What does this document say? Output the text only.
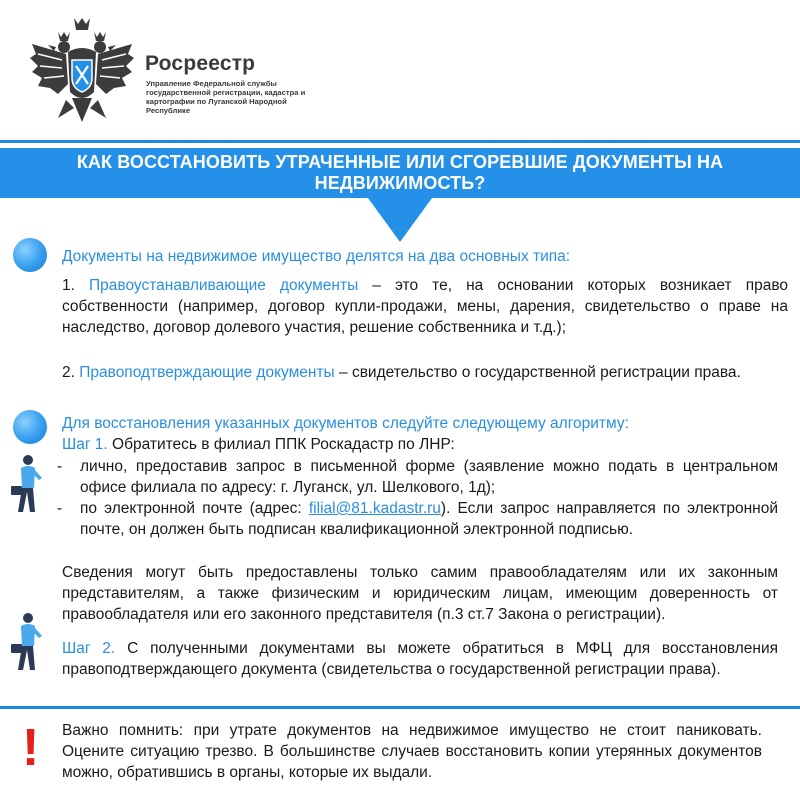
Росреестр
Управление Федеральной службы государственной регистрации, кадастра и картографии по Луганской Народной Республике
КАК ВОССТАНОВИТЬ УТРАЧЕННЫЕ ИЛИ СГОРЕВШИЕ ДОКУМЕНТЫ НА НЕДВИЖИМОСТЬ?
Документы на недвижимое имущество делятся на два основных типа:
1. Правоустанавливающие документы – это те, на основании которых возникает право собственности (например, договор купли-продажи, мены, дарения, свидетельство о праве на наследство, договор долевого участия, решение собственника и т.д.);
2. Правоподтверждающие документы – свидетельство о государственной регистрации права.
Для восстановления указанных документов следуйте следующему алгоритму:
Шаг 1. Обратитесь в филиал ППК Роскадастр по ЛНР:
-	лично, предоставив запрос в письменной форме (заявление можно подать в центральном офисе филиала по адресу: г. Луганск, ул. Шелкового, 1д);
-	по электронной почте (адрес: filial@81.kadastr.ru). Если запрос направляется по электронной почте, он должен быть подписан квалификационной электронной подписью.
Сведения могут быть предоставлены только самим правообладателям или их законным представителям, а также физическим и юридическим лицам, имеющим доверенность от правообладателя или его законного представителя (п.3 ст.7 Закона о регистрации).
Шаг 2. С полученными документами вы можете обратиться в МФЦ для восстановления правоподтверждающего документа (свидетельства о государственной регистрации права).
! Важно помнить: при утрате документов на недвижимое имущество не стоит паниковать. Оцените ситуацию трезво. В большинстве случаев восстановить копии утерянных документов можно, обратившись в органы, которые их выдали.
